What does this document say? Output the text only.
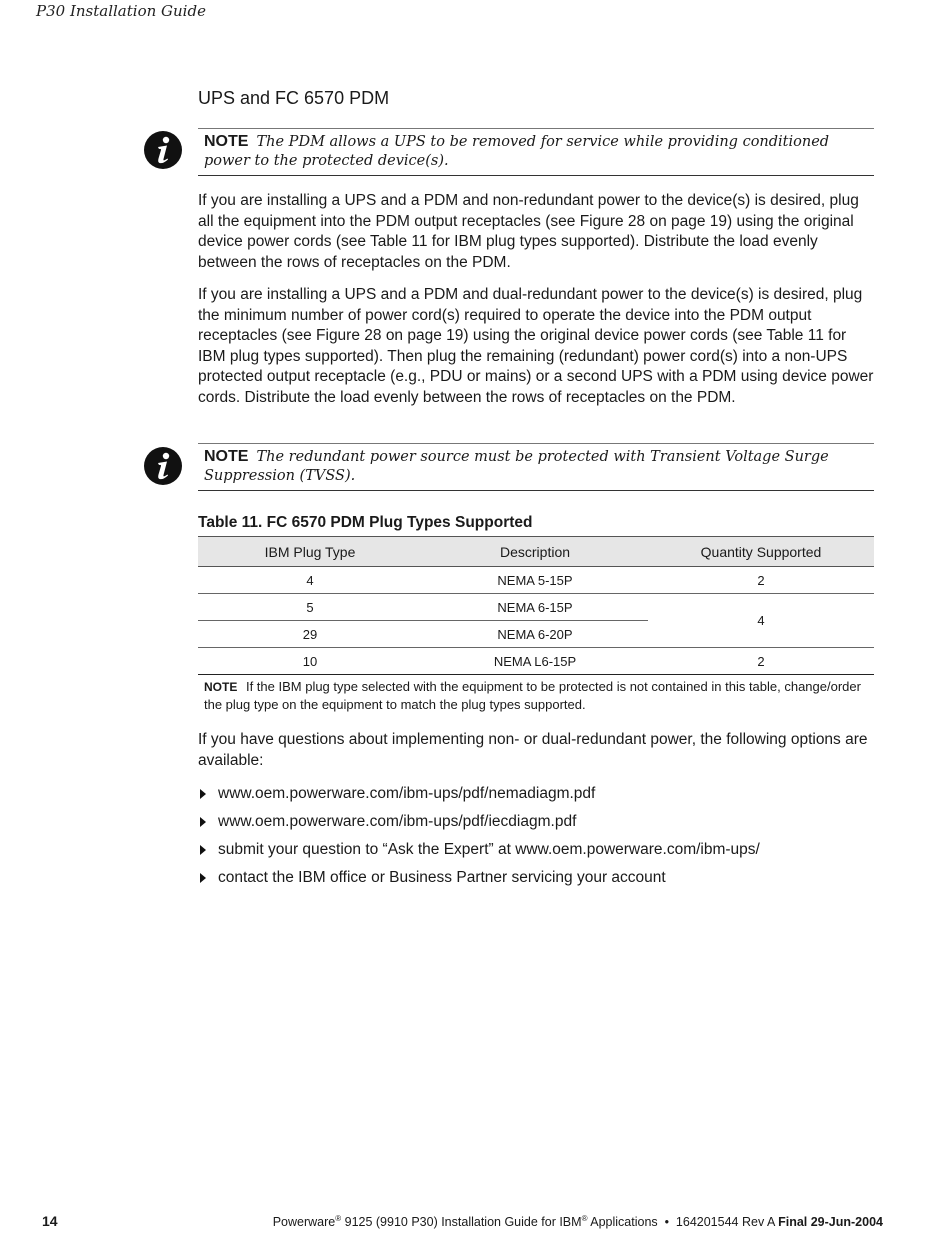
P30 Installation Guide
UPS and FC 6570 PDM
NOTE The PDM allows a UPS to be removed for service while providing conditioned power to the protected device(s).

If you are installing a UPS and a PDM and non-redundant power to the device(s) is desired, plug all the equipment into the PDM output receptacles (see Figure 28 on page 19) using the original device power cords (see Table 11 for IBM plug types supported). Distribute the load evenly between the rows of receptacles on the PDM.

If you are installing a UPS and a PDM and dual-redundant power to the device(s) is desired, plug the minimum number of power cord(s) required to operate the device into the PDM output receptacles (see Figure 28 on page 19) using the original device power cords (see Table 11 for IBM plug types supported). Then plug the remaining (redundant) power cord(s) into a non-UPS protected output receptacle (e.g., PDU or mains) or a second UPS with a PDM using device power cords. Distribute the load evenly between the rows of receptacles on the PDM.

NOTE The redundant power source must be protected with Transient Voltage Surge Suppression (TVSS).
Table 11. FC 6570 PDM Plug Types Supported
IBM Plug Type	Description	Quantity Supported
4	NEMA 5-15P	2
5	NEMA 6-15P	4
29	NEMA 6-20P	
10	NEMA L6-15P	2
NOTE If the IBM plug type selected with the equipment to be protected is not contained in this table, change/order the plug type on the equipment to match the plug types supported.

If you have questions about implementing non- or dual-redundant power, the following options are available:

www.oem.powerware.com/ibm-ups/pdf/nemadiagm.pdf
www.oem.powerware.com/ibm-ups/pdf/iecdiagm.pdf
submit your question to “Ask the Expert” at www.oem.powerware.com/ibm-ups/
contact the IBM office or Business Partner servicing your account
14	Powerware® 9125 (9910 P30) Installation Guide for IBM® Applications  •  164201544 Rev A Final 29-Jun-2004
